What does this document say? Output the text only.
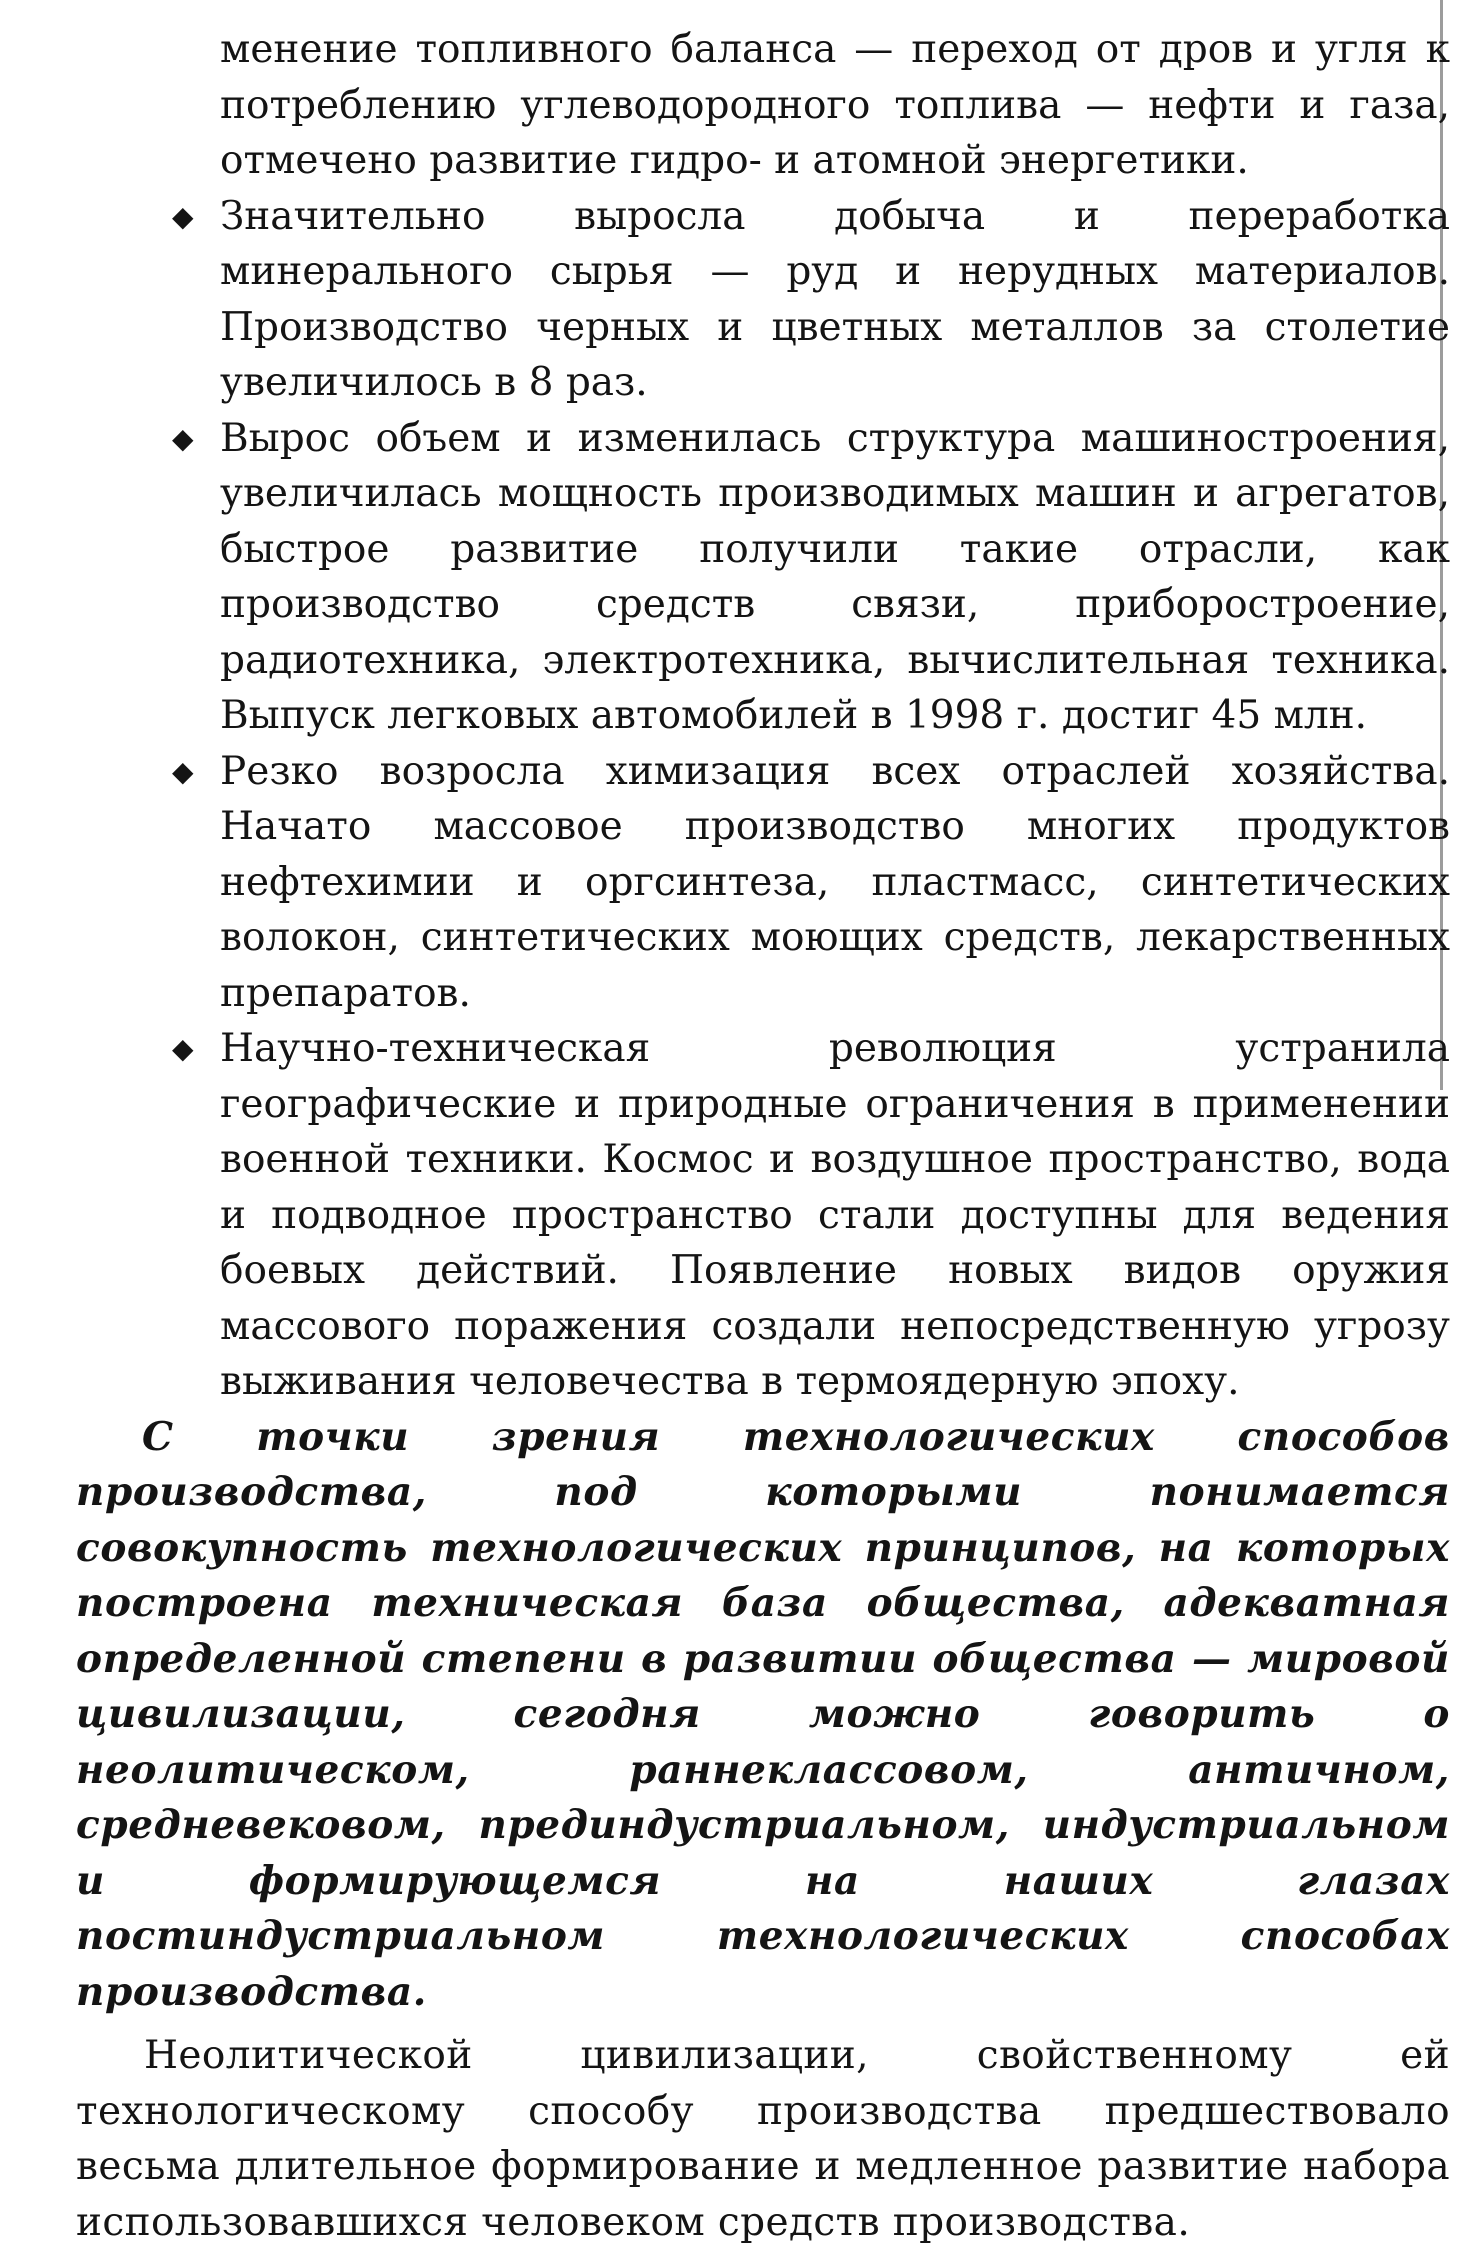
менение топливного баланса — переход от дров и угля к потреблению углеводородного топлива — нефти и газа, отмечено развитие гидро- и атомной энергетики.

◆ Значительно выросла добыча и переработка минерального сырья — руд и нерудных материалов. Производство черных и цветных металлов за столетие увеличилось в 8 раз.
◆ Вырос объем и изменилась структура машиностроения, увеличилась мощность производимых машин и агрегатов, быстрое развитие получили такие отрасли, как производство средств связи, приборостроение, радиотехника, электротехника, вычислительная техника. Выпуск легковых автомобилей в 1998 г. достиг 45 млн.
◆ Резко возросла химизация всех отраслей хозяйства. Начато массовое производство многих продуктов нефтехимии и оргсинтеза, пластмасс, синтетических волокон, синтетических моющих средств, лекарственных препаратов.
◆ Научно-техническая революция устранила географические и природные ограничения в применении военной техники. Космос и воздушное пространство, вода и подводное пространство стали доступны для ведения боевых действий. Появление новых видов оружия массового поражения создали непосредственную угрозу выживания человечества в термоядерную эпоху.

С точки зрения технологических способов производства, под которыми понимается совокупность технологических принципов, на которых построена техническая база общества, адекватная определенной степени в развитии общества — мировой цивилизации, сегодня можно говорить о неолитическом, раннеклассовом, античном, средневековом, прединдустриальном, индустриальном и формирующемся на наших глазах постиндустриальном технологических способах производства.

Неолитической цивилизации, свойственному ей технологическому способу производства предшествовало весьма длительное формирование и медленное развитие набора использовавшихся человеком средств производства.
